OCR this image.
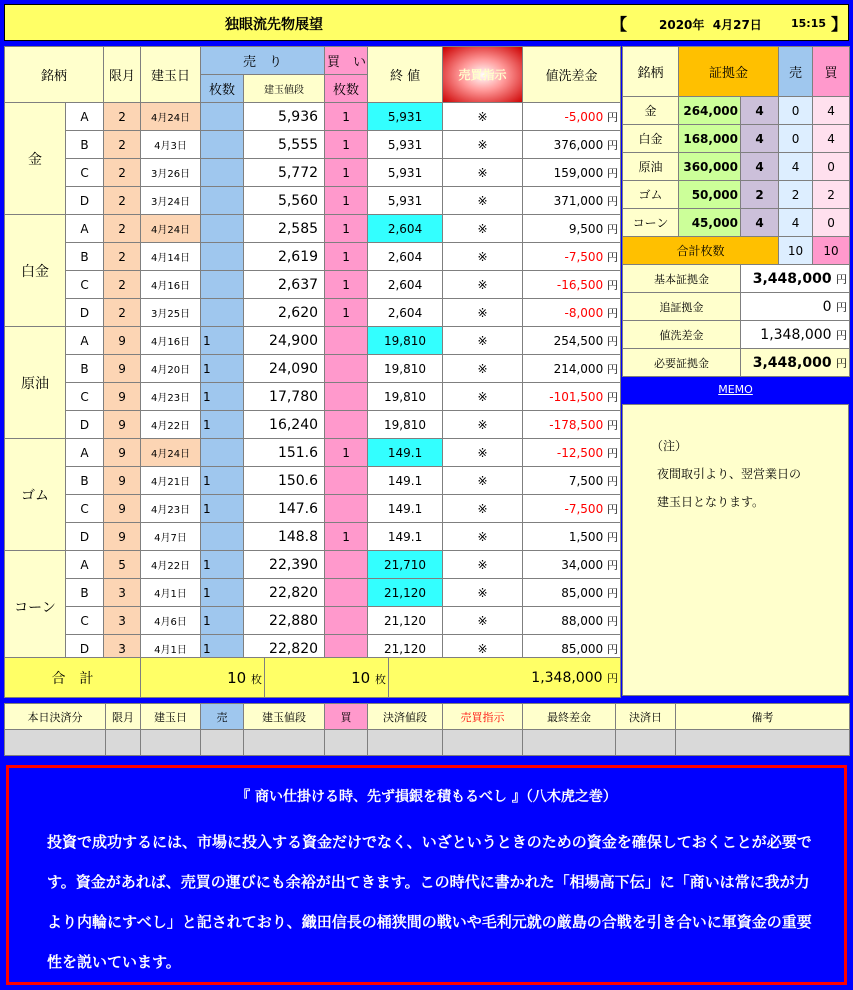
独眼流先物展望	【	2020年  4月27日	15:15 】
銘柄		限月	建玉日	売　り		買　い	終 値	売買指示	値洗差金
				枚数	建玉値段	枚数			
金	A	2	4月24日		5,936	1	5,931	※	-5,000 円
	B	2	4月3日		5,555	1	5,931	※	376,000 円
	C	2	3月26日		5,772	1	5,931	※	159,000 円
	D	2	3月24日		5,560	1	5,931	※	371,000 円
白金	A	2	4月24日		2,585	1	2,604	※	9,500 円
	B	2	4月14日		2,619	1	2,604	※	-7,500 円
	C	2	4月16日		2,637	1	2,604	※	-16,500 円
	D	2	3月25日		2,620	1	2,604	※	-8,000 円
原油	A	9	4月16日	1	24,900		19,810	※	254,500 円
	B	9	4月20日	1	24,090		19,810	※	214,000 円
	C	9	4月23日	1	17,780		19,810	※	-101,500 円
	D	9	4月22日	1	16,240		19,810	※	-178,500 円
ゴム	A	9	4月24日		151.6	1	149.1	※	-12,500 円
	B	9	4月21日	1	150.6		149.1	※	7,500 円
	C	9	4月23日	1	147.6		149.1	※	-7,500 円
	D	9	4月7日		148.8	1	149.1	※	1,500 円
コーン	A	5	4月22日	1	22,390		21,710	※	34,000 円
	B	3	4月1日	1	22,820		21,120	※	85,000 円
	C	3	4月6日	1	22,880		21,120	※	88,000 円
	D	3	4月1日	1	22,820		21,120	※	85,000 円
合　計	10 枚	10 枚	1,348,000 円
銘柄	証拠金		売	買
金	264,000	4	0	4
白金	168,000	4	0	4
原油	360,000	4	4	0
ゴム	50,000	2	2	2
コーン	45,000	4	4	0
合計枚数			10	10
基本証拠金		3,448,000 円		
追証拠金		0 円		
値洗差金		1,348,000 円		
必要証拠金		3,448,000 円		
MEMO

（注）

夜間取引より、翌営業日の

建玉日となります。

本日決済分	限月	建玉日	売	建玉値段	買	決済値段	売買指示	最終差金	決済日	備考

『 商い仕掛ける時、先ず損銀を積もるべし 』（八木虎之巻）
投資で成功するには、市場に投入する資金だけでなく、いざというときのための資金を確保しておくことが必要です。資金があれば、売買の運びにも余裕が出てきます。この時代に書かれた「相場高下伝」に「商いは常に我が力より内輪にすべし」と記されており、織田信長の桶狭間の戦いや毛利元就の厳島の合戦を引き合いに軍資金の重要性を説いています。
